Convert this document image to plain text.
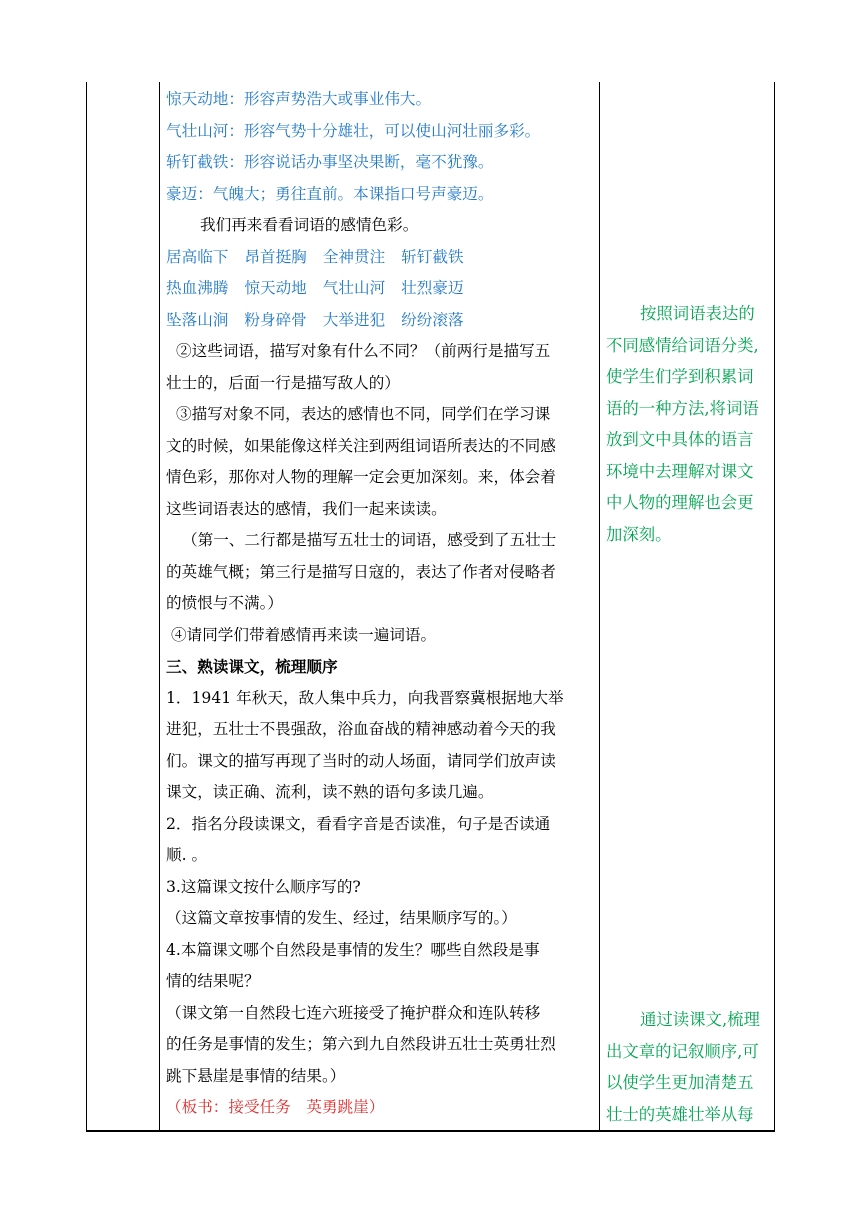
惊天动地：形容声势浩大或事业伟大。
气壮山河：形容气势十分雄壮，可以使山河壮丽多彩。
斩钉截铁：形容说话办事坚决果断，毫不犹豫。
豪迈：气魄大；勇往直前。本课指口号声豪迈。
我们再来看看词语的感情色彩。
居高临下 昂首挺胸 全神贯注 斩钉截铁
热血沸腾 惊天动地 气壮山河 壮烈豪迈
坠落山涧 粉身碎骨 大举进犯 纷纷滚落
②这些词语，描写对象有什么不同？（前两行是描写五
壮士的，后面一行是描写敌人的）
③描写对象不同，表达的感情也不同，同学们在学习课
文的时候，如果能像这样关注到两组词语所表达的不同感
情色彩，那你对人物的理解一定会更加深刻。来，体会着
这些词语表达的感情，我们一起来读读。
（第一、二行都是描写五壮士的词语，感受到了五壮士
的英雄气概；第三行是描写日寇的，表达了作者对侵略者
的愤恨与不满。）
④请同学们带着感情再来读一遍词语。
三、熟读课文，梳理顺序
1．1941 年秋天，敌人集中兵力，向我晋察冀根据地大举
进犯，五壮士不畏强敌，浴血奋战的精神感动着今天的我
们。课文的描写再现了当时的动人场面，请同学们放声读
课文，读正确、流利，读不熟的语句多读几遍。
2．指名分段读课文，看看字音是否读准，句子是否读通
顺. 。
3.这篇课文按什么顺序写的?
（这篇文章按事情的发生、经过，结果顺序写的。）
4.本篇课文哪个自然段是事情的发生？哪些自然段是事
情的结果呢？
（课文第一自然段七连六班接受了掩护群众和连队转移
的任务是事情的发生；第六到九自然段讲五壮士英勇壮烈
跳下悬崖是事情的结果。）
（板书：接受任务　英勇跳崖）
按照词语表达的
不同感情给词语分类,
使学生们学到积累词
语的一种方法,将词语
放到文中具体的语言
环境中去理解对课文
中人物的理解也会更
加深刻。
通过读课文,梳理
出文章的记叙顺序,可
以使学生更加清楚五
壮士的英雄壮举从每
